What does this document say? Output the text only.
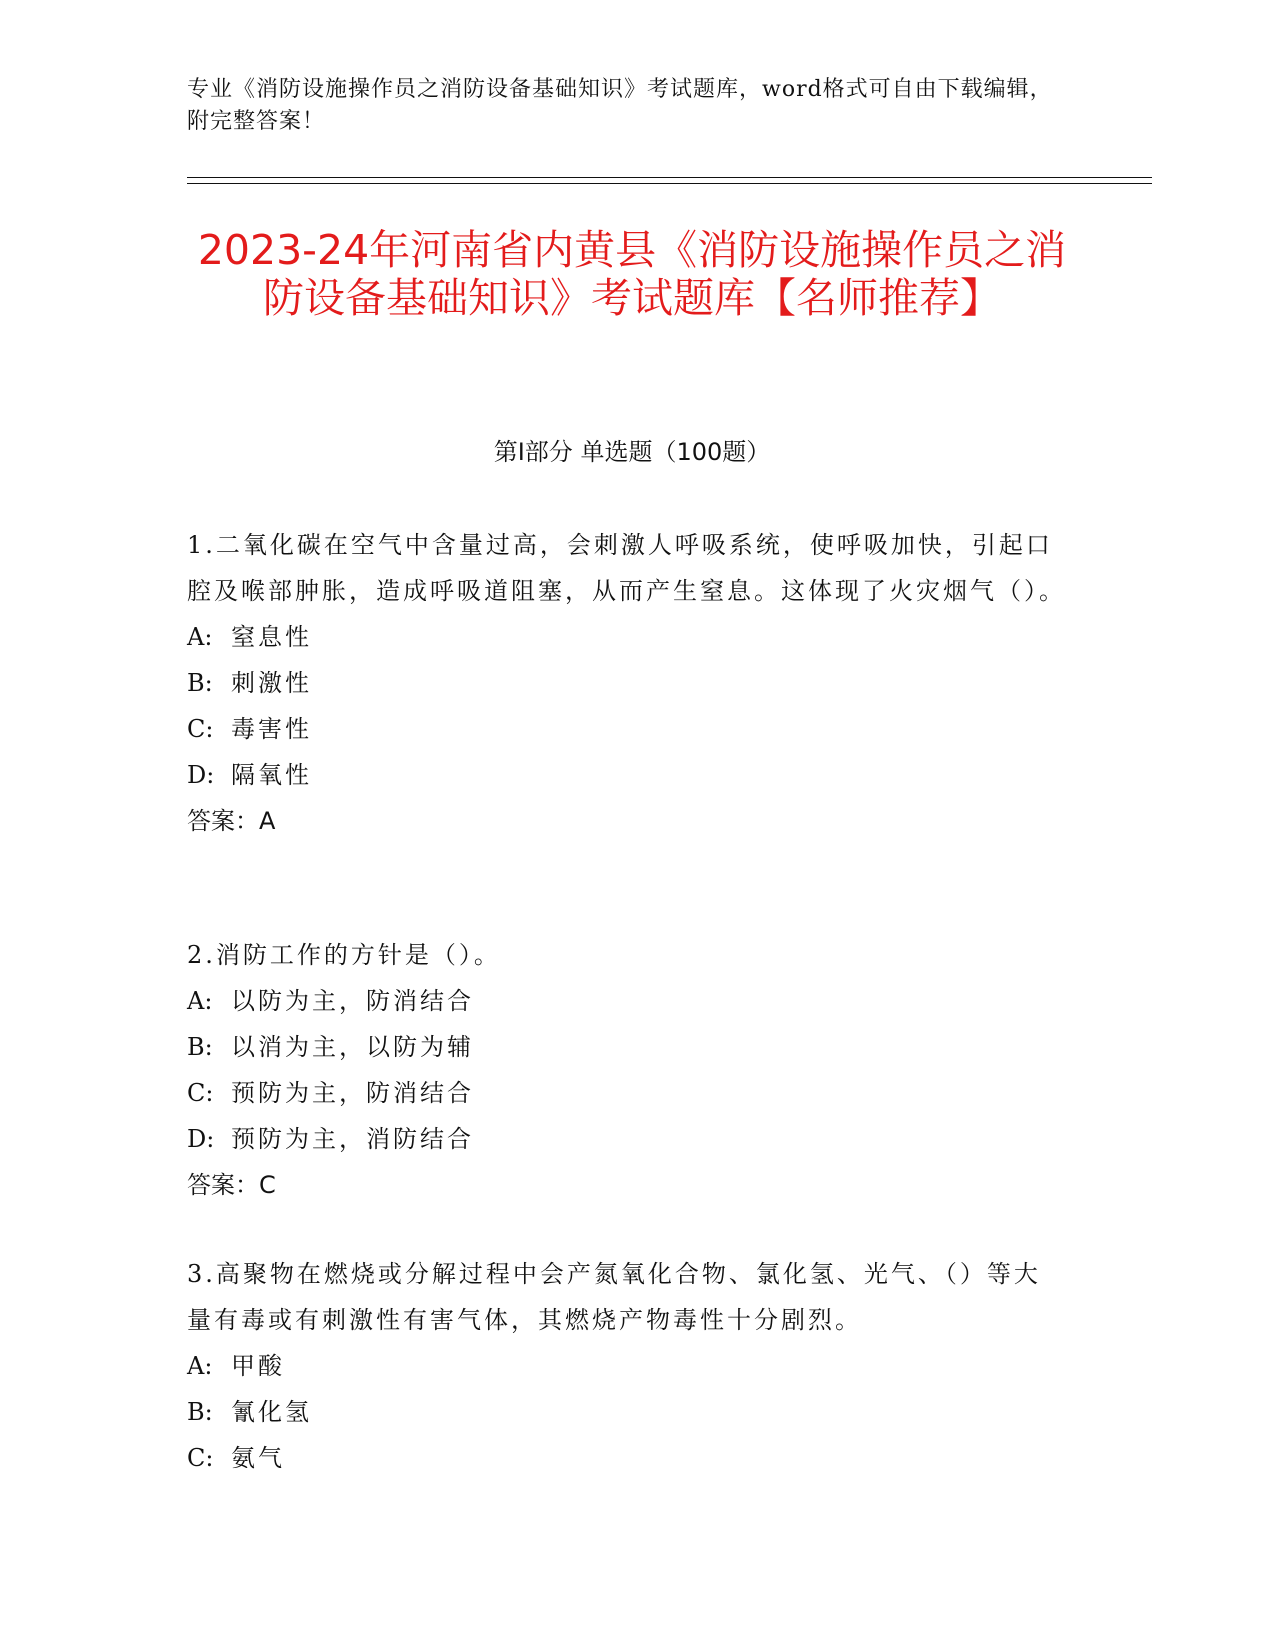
专业《消防设施操作员之消防设备基础知识》考试题库，word格式可自由下载编辑，附完整答案！
2023-24年河南省内黄县《消防设施操作员之消防设备基础知识》考试题库【名师推荐】
第I部分 单选题（100题）

1.二氧化碳在空气中含量过高，会刺激人呼吸系统，使呼吸加快，引起口腔及喉部肿胀，造成呼吸道阻塞，从而产生窒息。这体现了火灾烟气（）。

A: 窒息性

B: 刺激性

C: 毒害性

D: 隔氧性

答案：A

2.消防工作的方针是（）。

A: 以防为主，防消结合

B: 以消为主，以防为辅

C: 预防为主，防消结合

D: 预防为主，消防结合

答案：C

3.高聚物在燃烧或分解过程中会产氮氧化合物、氯化氢、光气、（）等大量有毒或有刺激性有害气体，其燃烧产物毒性十分剧烈。

A: 甲酸

B: 氰化氢

C: 氨气
